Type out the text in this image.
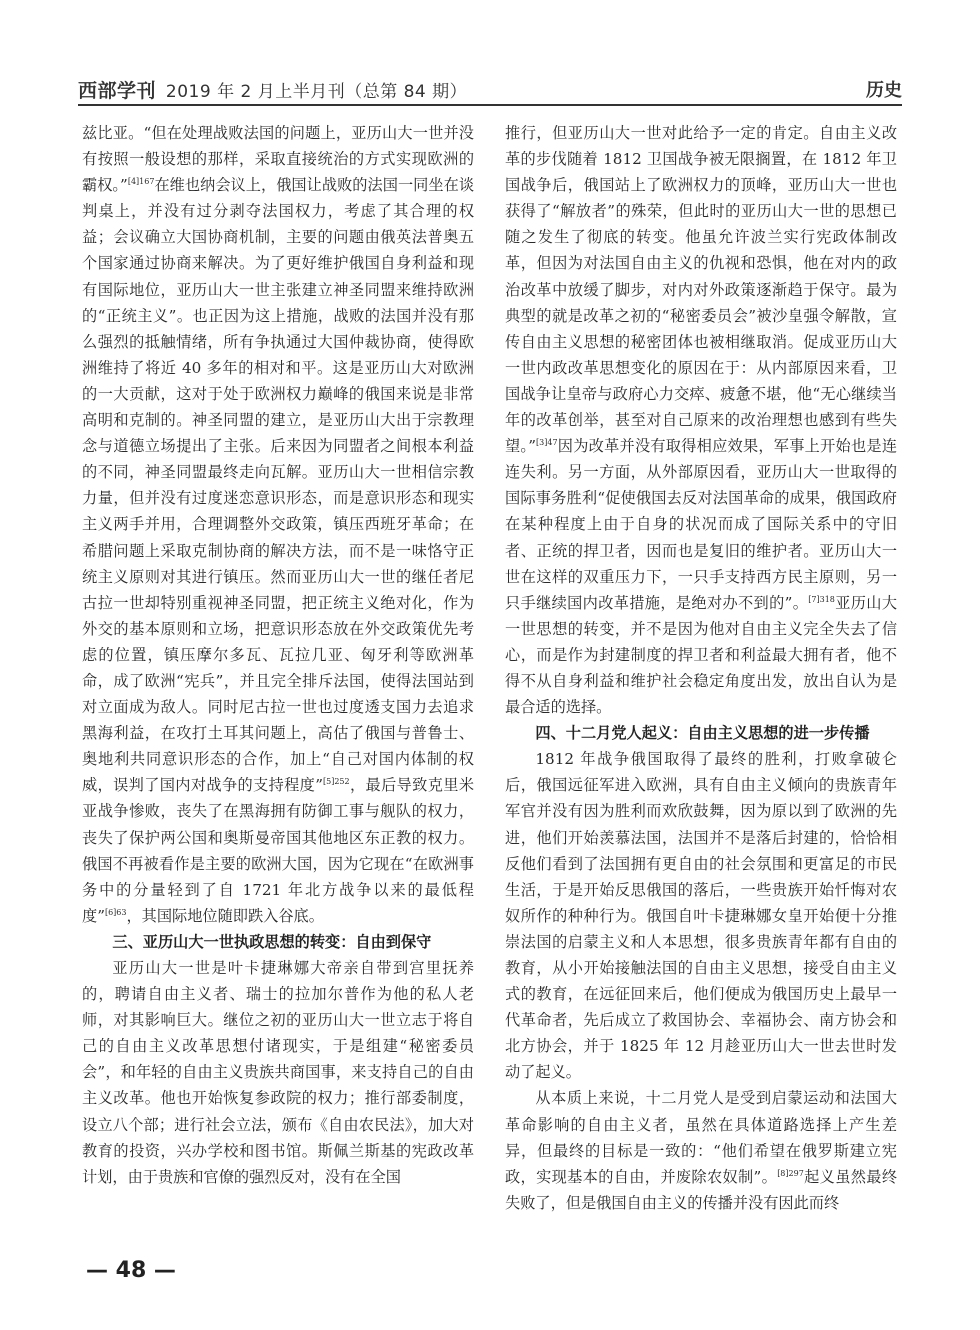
西部学刊 2019 年 2 月上半月刊（总第 84 期）	历史

兹比亚。“但在处理战败法国的问题上，亚历山大一世并没有按照一般设想的那样，采取直接统治的方式实现欧洲的霸权。”$^{[4]167}$在维也纳会议上，俄国让战败的法国一同坐在谈判桌上，并没有过分剥夺法国权力，考虑了其合理的权益；会议确立大国协商机制，主要的问题由俄英法普奥五个国家通过协商来解决。为了更好维护俄国自身利益和现有国际地位，亚历山大一世主张建立神圣同盟来维持欧洲的“正统主义”。也正因为这上措施，战败的法国并没有那么强烈的抵触情绪，所有争执通过大国仲裁协商，使得欧洲维持了将近 40 多年的相对和平。这是亚历山大对欧洲的一大贡献，这对于处于欧洲权力巅峰的俄国来说是非常高明和克制的。神圣同盟的建立，是亚历山大出于宗教理念与道德立场提出了主张。后来因为同盟者之间根本利益的不同，神圣同盟最终走向瓦解。亚历山大一世相信宗教力量，但并没有过度迷恋意识形态，而是意识形态和现实主义两手并用，合理调整外交政策，镇压西班牙革命；在希腊问题上采取克制协商的解决方法，而不是一味恪守正统主义原则对其进行镇压。然而亚历山大一世的继任者尼古拉一世却特别重视神圣同盟，把正统主义绝对化，作为外交的基本原则和立场，把意识形态放在外交政策优先考虑的位置，镇压摩尔多瓦、瓦拉几亚、匈牙利等欧洲革命，成了欧洲“宪兵”，并且完全排斥法国，使得法国站到对立面成为敌人。同时尼古拉一世也过度透支国力去追求黑海利益，在攻打土耳其问题上，高估了俄国与普鲁士、奥地利共同意识形态的合作，加上“自己对国内体制的权威，误判了国内对战争的支持程度”$^{[5]252}$，最后导致克里米亚战争惨败，丧失了在黑海拥有防御工事与舰队的权力，丧失了保护两公国和奥斯曼帝国其他地区东正教的权力。俄国不再被看作是主要的欧洲大国，因为它现在“在欧洲事务中的分量轻到了自 1721 年北方战争以来的最低程度”$^{[6]63}$，其国际地位随即跌入谷底。

三、亚历山大一世执政思想的转变：自由到保守

亚历山大一世是叶卡捷琳娜大帝亲自带到宫里抚养的，聘请自由主义者、瑞士的拉加尔普作为他的私人老师，对其影响巨大。继位之初的亚历山大一世立志于将自己的自由主义改革思想付诸现实，于是组建“秘密委员会”，和年轻的自由主义贵族共商国事，来支持自己的自由主义改革。他也开始恢复参政院的权力；推行部委制度，设立八个部；进行社会立法，颁布《自由农民法》，加大对教育的投资，兴办学校和图书馆。斯佩兰斯基的宪政改革计划，由于贵族和官僚的强烈反对，没有在全国

推行，但亚历山大一世对此给予一定的肯定。自由主义改革的步伐随着 1812 卫国战争被无限搁置，在 1812 年卫国战争后，俄国站上了欧洲权力的顶峰，亚历山大一世也获得了“解放者”的殊荣，但此时的亚历山大一世的思想已随之发生了彻底的转变。他虽允许波兰实行宪政体制改革，但因为对法国自由主义的仇视和恐惧，他在对内的政治改革中放缓了脚步，对内对外政策逐渐趋于保守。最为典型的就是改革之初的“秘密委员会”被沙皇强令解散，宣传自由主义思想的秘密团体也被相继取消。促成亚历山大一世内政改革思想变化的原因在于：从内部原因来看，卫国战争让皇帝与政府心力交瘁、疲惫不堪，他“无心继续当年的改革创举，甚至对自己原来的改治理想也感到有些失望。”$^{[3]47}$因为改革并没有取得相应效果，军事上开始也是连连失利。另一方面，从外部原因看，亚历山大一世取得的国际事务胜利“促使俄国去反对法国革命的成果，俄国政府在某种程度上由于自身的状况而成了国际关系中的守旧者、正统的捍卫者，因而也是复旧的维护者。亚历山大一世在这样的双重压力下，一只手支持西方民主原则，另一只手继续国内改革措施，是绝对办不到的”。$^{[7]318}$亚历山大一世思想的转变，并不是因为他对自由主义完全失去了信心，而是作为封建制度的捍卫者和利益最大拥有者，他不得不从自身利益和维护社会稳定角度出发，放出自认为是最合适的选择。

四、十二月党人起义：自由主义思想的进一步传播

1812 年战争俄国取得了最终的胜利，打败拿破仑后，俄国远征军进入欧洲，具有自由主义倾向的贵族青年军官并没有因为胜利而欢欣鼓舞，因为原以到了欧洲的先进，他们开始羡慕法国，法国并不是落后封建的，恰恰相反他们看到了法国拥有更自由的社会氛围和更富足的市民生活，于是开始反思俄国的落后，一些贵族开始忏悔对农奴所作的种种行为。俄国自叶卡捷琳娜女皇开始便十分推崇法国的启蒙主义和人本思想，很多贵族青年都有自由的教育，从小开始接触法国的自由主义思想，接受自由主义式的教育，在远征回来后，他们便成为俄国历史上最早一代革命者，先后成立了救国协会、幸福协会、南方协会和北方协会，并于 1825 年 12 月趁亚历山大一世去世时发动了起义。

从本质上来说，十二月党人是受到启蒙运动和法国大革命影响的自由主义者，虽然在具体道路选择上产生差异，但最终的目标是一致的：“他们希望在俄罗斯建立宪政，实现基本的自由，并废除农奴制”。$^{[8]297}$起义虽然最终失败了，但是俄国自由主义的传播并没有因此而终

— 48 —
